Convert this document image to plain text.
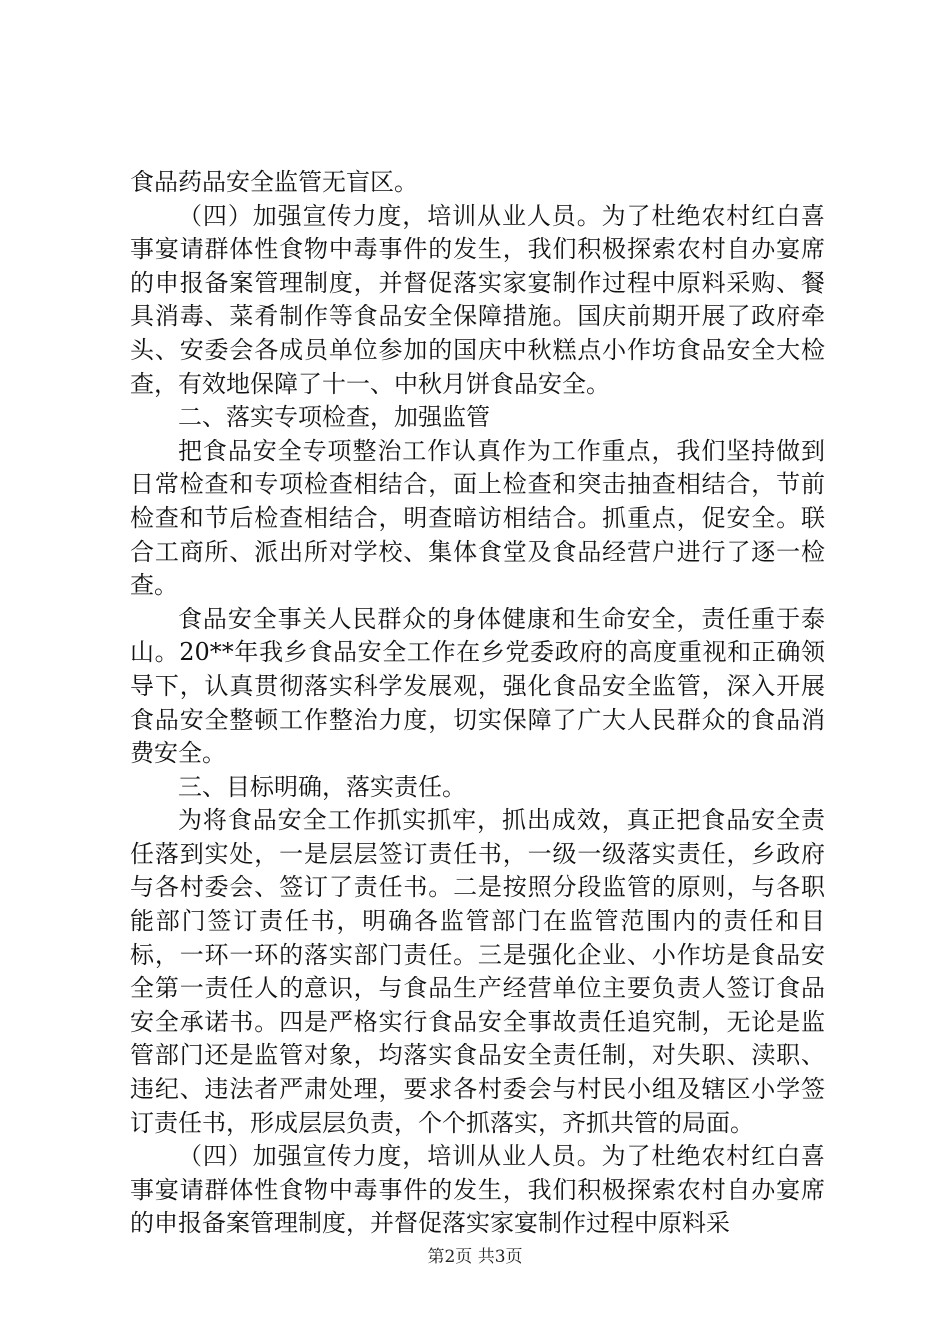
食品药品安全监管无盲区。

（四）加强宣传力度，培训从业人员。为了杜绝农村红白喜事宴请群体性食物中毒事件的发生，我们积极探索农村自办宴席的申报备案管理制度，并督促落实家宴制作过程中原料采购、餐具消毒、菜肴制作等食品安全保障措施。国庆前期开展了政府牵头、安委会各成员单位参加的国庆中秋糕点小作坊食品安全大检查，有效地保障了十一、中秋月饼食品安全。

二、落实专项检查，加强监管

把食品安全专项整治工作认真作为工作重点，我们坚持做到日常检查和专项检查相结合，面上检查和突击抽查相结合，节前检查和节后检查相结合，明查暗访相结合。抓重点，促安全。联合工商所、派出所对学校、集体食堂及食品经营户进行了逐一检查。

食品安全事关人民群众的身体健康和生命安全，责任重于泰山。20**年我乡食品安全工作在乡党委政府的高度重视和正确领导下，认真贯彻落实科学发展观，强化食品安全监管，深入开展食品安全整顿工作整治力度，切实保障了广大人民群众的食品消费安全。

三、目标明确，落实责任。

为将食品安全工作抓实抓牢，抓出成效，真正把食品安全责任落到实处，一是层层签订责任书，一级一级落实责任，乡政府与各村委会、签订了责任书。二是按照分段监管的原则，与各职能部门签订责任书，明确各监管部门在监管范围内的责任和目标，一环一环的落实部门责任。三是强化企业、小作坊是食品安全第一责任人的意识，与食品生产经营单位主要负责人签订食品安全承诺书。四是严格实行食品安全事故责任追究制，无论是监管部门还是监管对象，均落实食品安全责任制，对失职、渎职、违纪、违法者严肃处理，要求各村委会与村民小组及辖区小学签订责任书，形成层层负责，个个抓落实，齐抓共管的局面。

（四）加强宣传力度，培训从业人员。为了杜绝农村红白喜事宴请群体性食物中毒事件的发生，我们积极探索农村自办宴席的申报备案管理制度，并督促落实家宴制作过程中原料采

第2页 共3页
